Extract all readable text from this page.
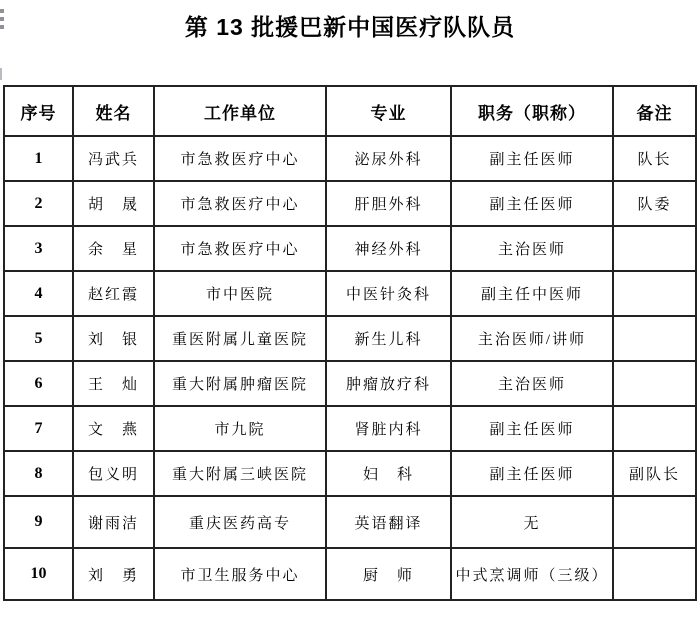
第 13 批援巴新中国医疗队队员
序号	姓名	工作单位	专业	职务（职称）	备注
1	冯武兵	市急救医疗中心	泌尿外科	副主任医师	队长
2	胡　晟	市急救医疗中心	肝胆外科	副主任医师	队委
3	余　星	市急救医疗中心	神经外科	主治医师	
4	赵红霞	市中医院	中医针灸科	副主任中医师	
5	刘　银	重医附属儿童医院	新生儿科	主治医师/讲师	
6	王　灿	重大附属肿瘤医院	肿瘤放疗科	主治医师	
7	文　燕	市九院	肾脏内科	副主任医师	
8	包义明	重大附属三峡医院	妇　科	副主任医师	副队长
9	谢雨洁	重庆医药高专	英语翻译	无	
10	刘　勇	市卫生服务中心	厨　师	中式烹调师（三级）	
